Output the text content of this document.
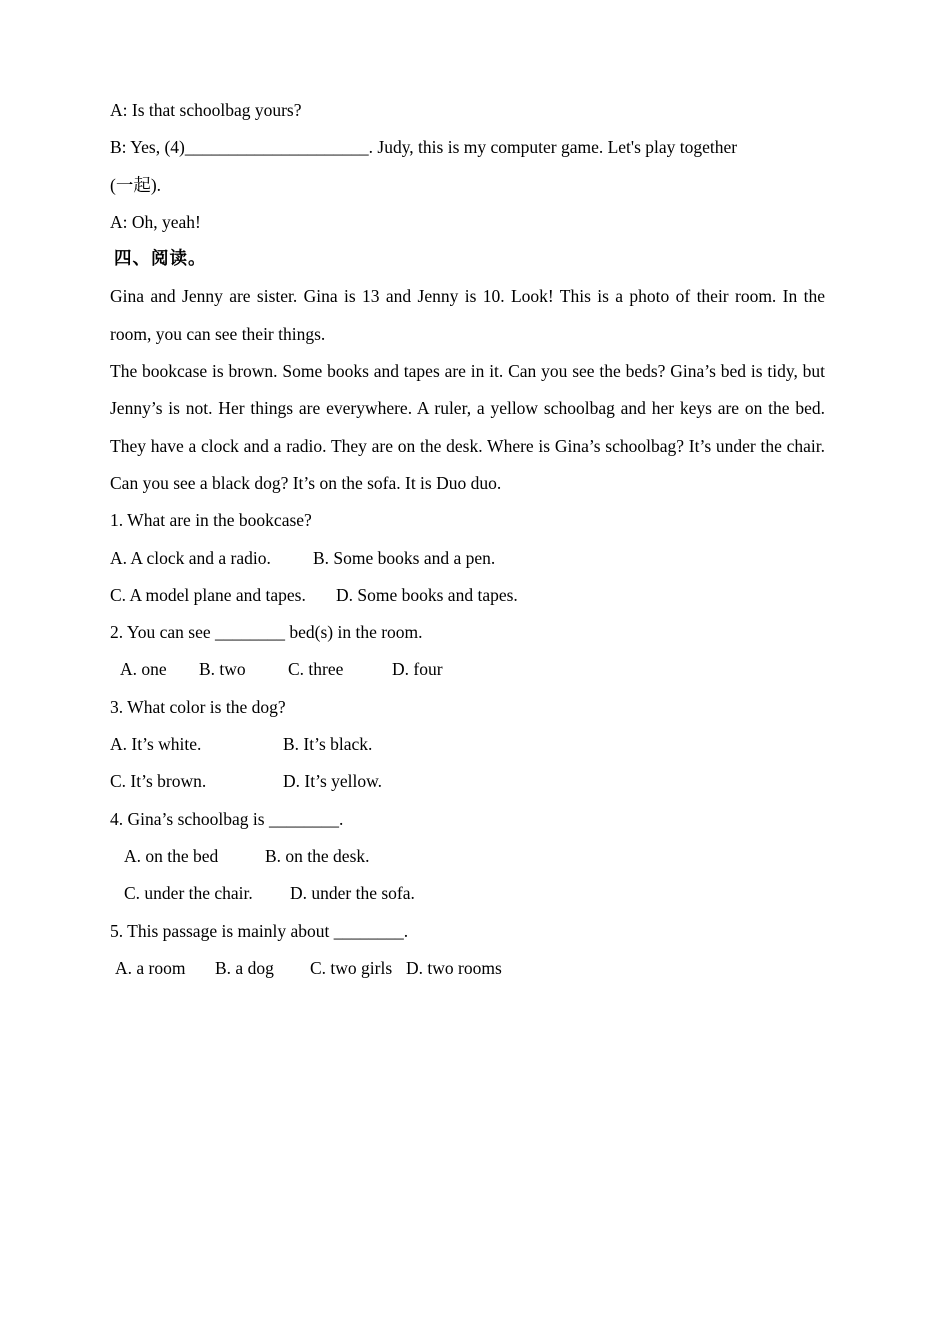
A: Is that schoolbag yours?
B: Yes, (4)_____________________. Judy, this is my computer game. Let's play together
(一起).
A: Oh, yeah!
四、阅读。
Gina and Jenny are sister. Gina is 13 and Jenny is 10. Look! This is a photo of their room. In the room, you can see their things.
The bookcase is brown. Some books and tapes are in it. Can you see the beds? Gina’s bed is tidy, but Jenny’s is not. Her things are everywhere. A ruler, a yellow schoolbag and her keys are on the bed. They have a clock and a radio. They are on the desk. Where is Gina’s schoolbag? It’s under the chair. Can you see a black dog? It’s on the sofa. It is Duo duo.
1. What are in the bookcase?
A. A clock and a radio.	B. Some books and a pen.
C. A model plane and tapes.	D. Some books and tapes.
2. You can see ________ bed(s) in the room.
A. one	B. two	C. three	D. four
3. What color is the dog?
A. It’s white.	B. It’s black.
C. It’s brown.	D. It’s yellow.
4. Gina’s schoolbag is ________.
A. on the bed	B. on the desk.
C. under the chair.	D. under the sofa.
5. This passage is mainly about ________.
A. a room	B. a dog	C. two girls D. two rooms
